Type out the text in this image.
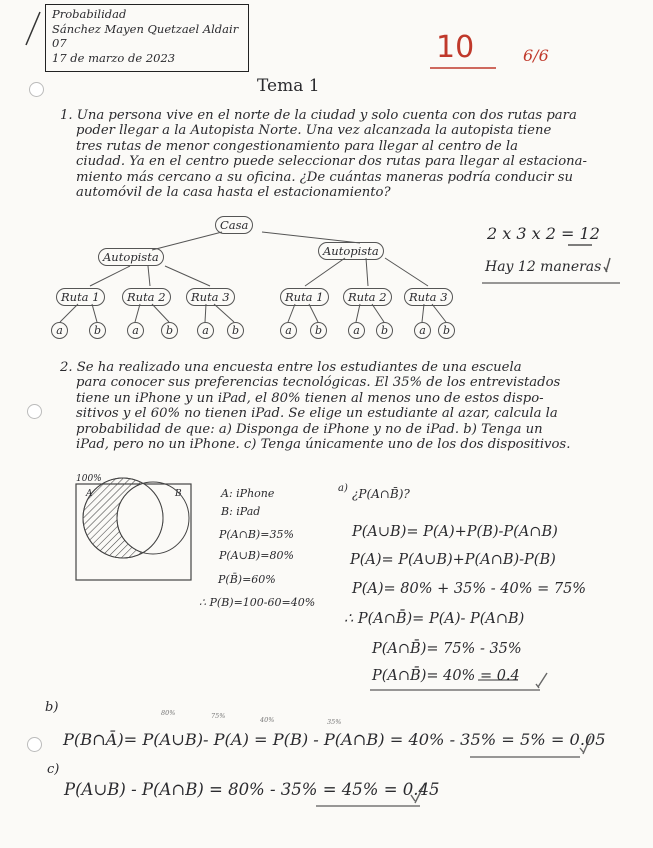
Probabilidad
Sánchez Mayen Quetzael Aldair
07
17 de marzo de 2023	10	6/6
Tema 1
1. Una persona vive en el norte de la ciudad y solo cuenta con dos rutas para
poder llegar a la Autopista Norte. Una vez alcanzada la autopista tiene
tres rutas de menor congestionamiento para llegar al centro de la
ciudad. Ya en el centro puede seleccionar dos rutas para llegar al estaciona-
miento más cercano a su oficina. ¿De cuántas maneras podría conducir su
automóvil de la casa hasta el estacionamiento?
Casa
Autopista	Autopista
Ruta 1	Ruta 2	Ruta 3	Ruta 1	Ruta 2	Ruta 3
a	b	a	b	a	b	a	b	a	b	a	b
2 x 3 x 2 = 12
Hay 12 maneras
2. Se ha realizado una encuesta entre los estudiantes de una escuela
para conocer sus preferencias tecnológicas. El 35% de los entrevistados
tiene un iPhone y un iPad, el 80% tienen al menos uno de estos dispo-
sitivos y el 60% no tienen iPad. Se elige un estudiante al azar, calcula la
probabilidad de que: a) Disponga de iPhone y no de iPad. b) Tenga un
iPad, pero no un iPhone. c) Tenga únicamente uno de los dos dispositivos.
100%
A	B	A: iPhone
B: iPad
P(A∩B)=35%
P(A∪B)=80%
P(B̄)=60%
∴ P(B)=100-60=40%
a) ¿P(A∩B̄)?
P(A∪B)= P(A)+P(B)-P(A∩B)
P(A)= P(A∪B)+P(A∩B)-P(B)
P(A)= 80% + 35% - 40% = 75%
∴ P(A∩B̄)= P(A)- P(A∩B)
P(A∩B̄)= 75% - 35%
P(A∩B̄)= 40% = 0.4
b)	80%	75%	40%	35%
P(B∩Ā)= P(A∪B)- P(A) = P(B) - P(A∩B) = 40% - 35% = 5% = 0.05
c)
P(A∪B) - P(A∩B) = 80% - 35% = 45% = 0.45
